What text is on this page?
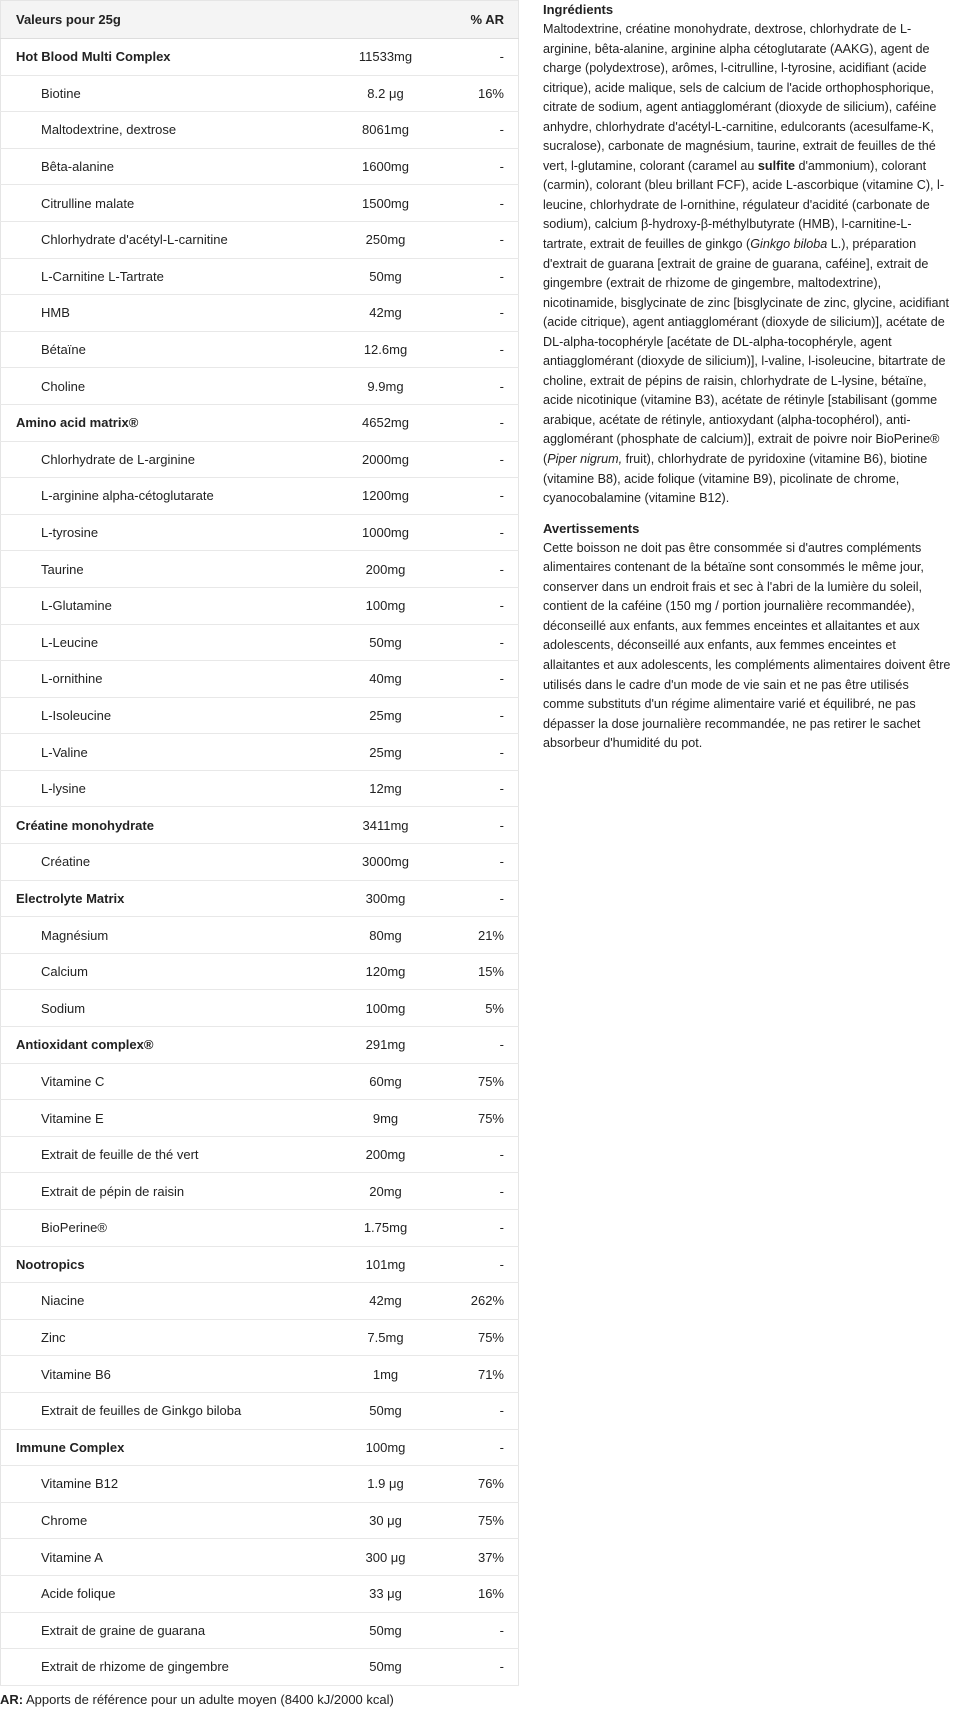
Valeurs pour 25g		% AR
Hot Blood Multi Complex	11533mg	-
Biotine	8.2 μg	16%
Maltodextrine, dextrose	8061mg	-
Bêta-alanine	1600mg	-
Citrulline malate	1500mg	-
Chlorhydrate d'acétyl-L-carnitine	250mg	-
L-Carnitine L-Tartrate	50mg	-
HMB	42mg	-
Bétaïne	12.6mg	-
Choline	9.9mg	-
Amino acid matrix®	4652mg	-
Chlorhydrate de L-arginine	2000mg	-
L-arginine alpha-cétoglutarate	1200mg	-
L-tyrosine	1000mg	-
Taurine	200mg	-
L-Glutamine	100mg	-
L-Leucine	50mg	-
L-ornithine	40mg	-
L-Isoleucine	25mg	-
L-Valine	25mg	-
L-lysine	12mg	-
Créatine monohydrate	3411mg	-
Créatine	3000mg	-
Electrolyte Matrix	300mg	-
Magnésium	80mg	21%
Calcium	120mg	15%
Sodium	100mg	5%
Antioxidant complex®	291mg	-
Vitamine C	60mg	75%
Vitamine E	9mg	75%
Extrait de feuille de thé vert	200mg	-
Extrait de pépin de raisin	20mg	-
BioPerine®	1.75mg	-
Nootropics	101mg	-
Niacine	42mg	262%
Zinc	7.5mg	75%
Vitamine B6	1mg	71%
Extrait de feuilles de Ginkgo biloba	50mg	-
Immune Complex	100mg	-
Vitamine B12	1.9 μg	76%
Chrome	30 μg	75%
Vitamine A	300 μg	37%
Acide folique	33 μg	16%
Extrait de graine de guarana	50mg	-
Extrait de rhizome de gingembre	50mg	-
AR: Apports de référence pour un adulte moyen (8400 kJ/2000 kcal)
Ingrédients

Maltodextrine, créatine monohydrate, dextrose, chlorhydrate de L-arginine, bêta-alanine, arginine alpha cétoglutarate (AAKG), agent de charge (polydextrose), arômes, l-citrulline, l-tyrosine, acidifiant (acide citrique), acide malique, sels de calcium de l'acide orthophosphorique, citrate de sodium, agent antiagglomérant (dioxyde de silicium), caféine anhydre, chlorhydrate d'acétyl-L-carnitine, edulcorants (acesulfame-K, sucralose), carbonate de magnésium, taurine, extrait de feuilles de thé vert, l-glutamine, colorant (caramel au sulfite d'ammonium), colorant (carmin), colorant (bleu brillant FCF), acide L-ascorbique (vitamine C), l-leucine, chlorhydrate de l-ornithine, régulateur d'acidité (carbonate de sodium), calcium β-hydroxy-β-méthylbutyrate (HMB), l-carnitine-L-tartrate, extrait de feuilles de ginkgo (Ginkgo biloba L.), préparation d'extrait de guarana [extrait de graine de guarana, caféine], extrait de gingembre (extrait de rhizome de gingembre, maltodextrine), nicotinamide, bisglycinate de zinc [bisglycinate de zinc, glycine, acidifiant (acide citrique), agent antiagglomérant (dioxyde de silicium)], acétate de DL-alpha-tocophéryle [acétate de DL-alpha-tocophéryle, agent antiagglomérant (dioxyde de silicium)], l-valine, l-isoleucine, bitartrate de choline, extrait de pépins de raisin, chlorhydrate de L-lysine, bétaïne, acide nicotinique (vitamine B3), acétate de rétinyle [stabilisant (gomme arabique, acétate de rétinyle, antioxydant (alpha-tocophérol), anti-agglomérant (phosphate de calcium)], extrait de poivre noir BioPerine® (Piper nigrum, fruit), chlorhydrate de pyridoxine (vitamine B6), biotine (vitamine B8), acide folique (vitamine B9), picolinate de chrome, cyanocobalamine (vitamine B12).

Avertissements

Cette boisson ne doit pas être consommée si d'autres compléments alimentaires contenant de la bétaïne sont consommés le même jour, conserver dans un endroit frais et sec à l'abri de la lumière du soleil, contient de la caféine (150 mg / portion journalière recommandée), déconseillé aux enfants, aux femmes enceintes et allaitantes et aux adolescents, déconseillé aux enfants, aux femmes enceintes et allaitantes et aux adolescents, les compléments alimentaires doivent être utilisés dans le cadre d'un mode de vie sain et ne pas être utilisés comme substituts d'un régime alimentaire varié et équilibré, ne pas dépasser la dose journalière recommandée, ne pas retirer le sachet absorbeur d'humidité du pot.
